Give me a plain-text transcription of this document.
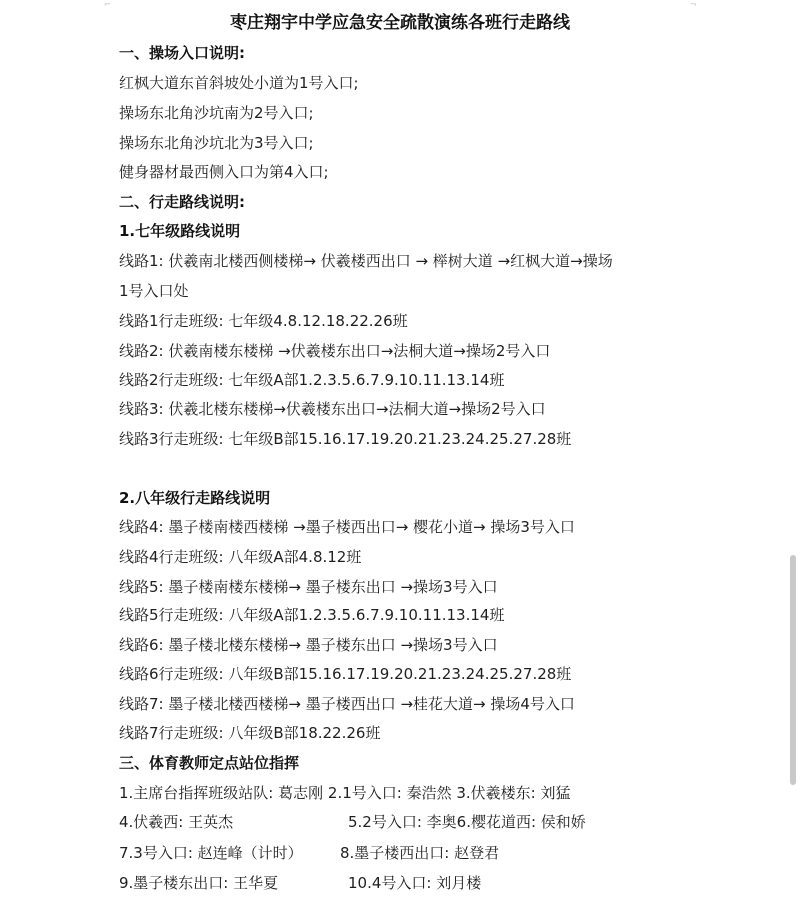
⌐	¬
枣庄翔宇中学应急安全疏散演练各班行走路线
一、操场入口说明:
红枫大道东首斜坡处小道为1号入口;
操场东北角沙坑南为2号入口;
操场东北角沙坑北为3号入口;
健身器材最西侧入口为第4入口;
二、行走路线说明:
1.七年级路线说明
线路1: 伏羲南北楼西侧楼梯→ 伏羲楼西出口 → 榉树大道 →红枫大道→操场
1号入口处
线路1行走班级: 七年级4.8.12.18.22.26班
线路2: 伏羲南楼东楼梯 →伏羲楼东出口→法桐大道→操场2号入口
线路2行走班级: 七年级A部1.2.3.5.6.7.9.10.11.13.14班
线路3: 伏羲北楼东楼梯→伏羲楼东出口→法桐大道→操场2号入口
线路3行走班级: 七年级B部15.16.17.19.20.21.23.24.25.27.28班
2.八年级行走路线说明
线路4: 墨子楼南楼西楼梯 →墨子楼西出口→ 樱花小道→ 操场3号入口
线路4行走班级: 八年级A部4.8.12班
线路5: 墨子楼南楼东楼梯→ 墨子楼东出口 →操场3号入口
线路5行走班级: 八年级A部1.2.3.5.6.7.9.10.11.13.14班
线路6: 墨子楼北楼东楼梯→ 墨子楼东出口 →操场3号入口
线路6行走班级: 八年级B部15.16.17.19.20.21.23.24.25.27.28班
线路7: 墨子楼北楼西楼梯→ 墨子楼西出口 →桂花大道→ 操场4号入口
线路7行走班级: 八年级B部18.22.26班
三、体育教师定点站位指挥
1.主席台指挥班级站队: 葛志刚 2.1号入口: 秦浩然 3.伏羲楼东: 刘猛
4.伏羲西: 王英杰	5.2号入口: 李奥6.樱花道西: 侯和娇
7.3号入口: 赵连峰（计时） 8.墨子楼西出口: 赵登君
9.墨子楼东出口: 王华夏	10.4号入口: 刘月楼
